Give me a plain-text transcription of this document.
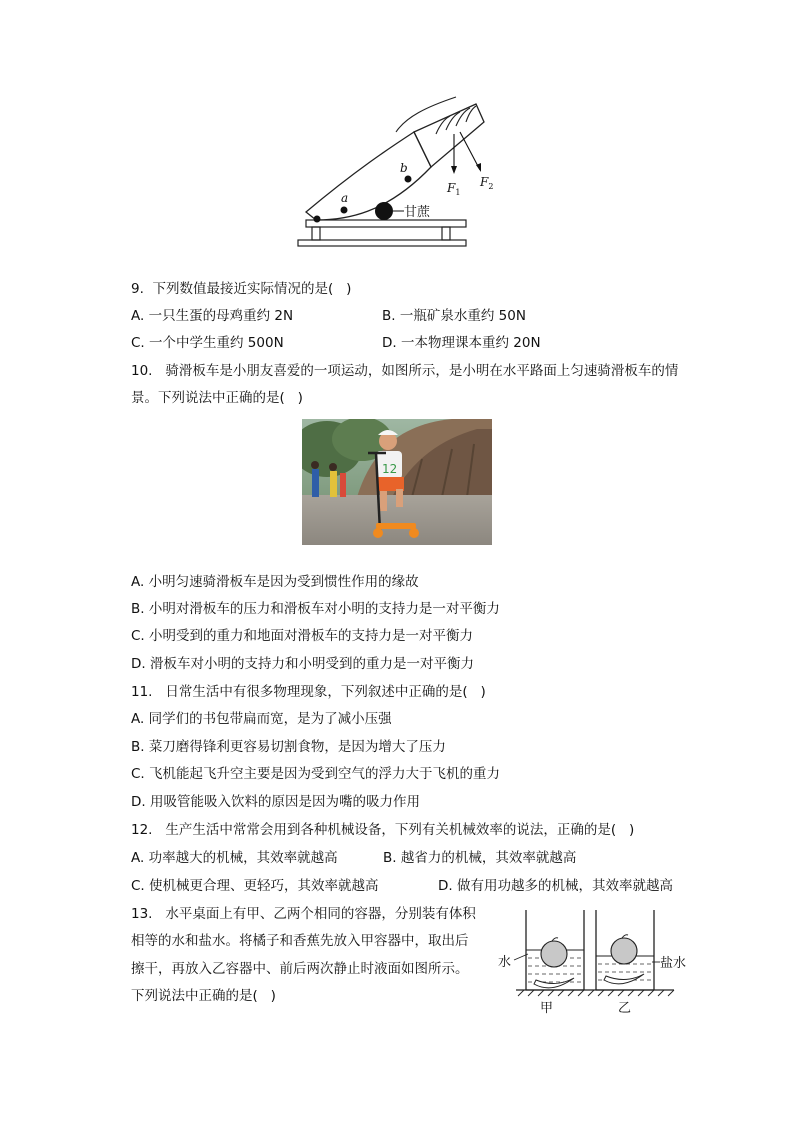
a
b
甘蔗
$F_1$
$F_2$
9.  下列数值最接近实际情况的是(   )
A. 一只生蛋的母鸡重约 2N	B. 一瓶矿泉水重约 50N
C. 一个中学生重约 500N	D. 一本物理课本重约 20N
10.   骑滑板车是小朋友喜爱的一项运动，如图所示，是小明在水平路面上匀速骑滑板车的情
景。下列说法中正确的是(   )
12
A. 小明匀速骑滑板车是因为受到惯性作用的缘故
B. 小明对滑板车的压力和滑板车对小明的支持力是一对平衡力
C. 小明受到的重力和地面对滑板车的支持力是一对平衡力
D. 滑板车对小明的支持力和小明受到的重力是一对平衡力
11.   日常生活中有很多物理现象，下列叙述中正确的是(   )
A. 同学们的书包带扁而宽，是为了减小压强
B. 菜刀磨得锋利更容易切割食物，是因为增大了压力
C. 飞机能起飞升空主要是因为受到空气的浮力大于飞机的重力
D. 用吸管能吸入饮料的原因是因为嘴的吸力作用
12.   生产生活中常常会用到各种机械设备，下列有关机械效率的说法，正确的是(   )
A. 功率越大的机械，其效率就越高	B. 越省力的机械，其效率就越高
C. 使机械更合理、更轻巧，其效率就越高	D. 做有用功越多的机械，其效率就越高
13.   水平桌面上有甲、乙两个相同的容器，分别装有体积
相等的水和盐水。将橘子和香蕉先放入甲容器中，取出后
擦干，再放入乙容器中、前后两次静止时液面如图所示。
下列说法中正确的是(   )
水	盐水
甲	乙
